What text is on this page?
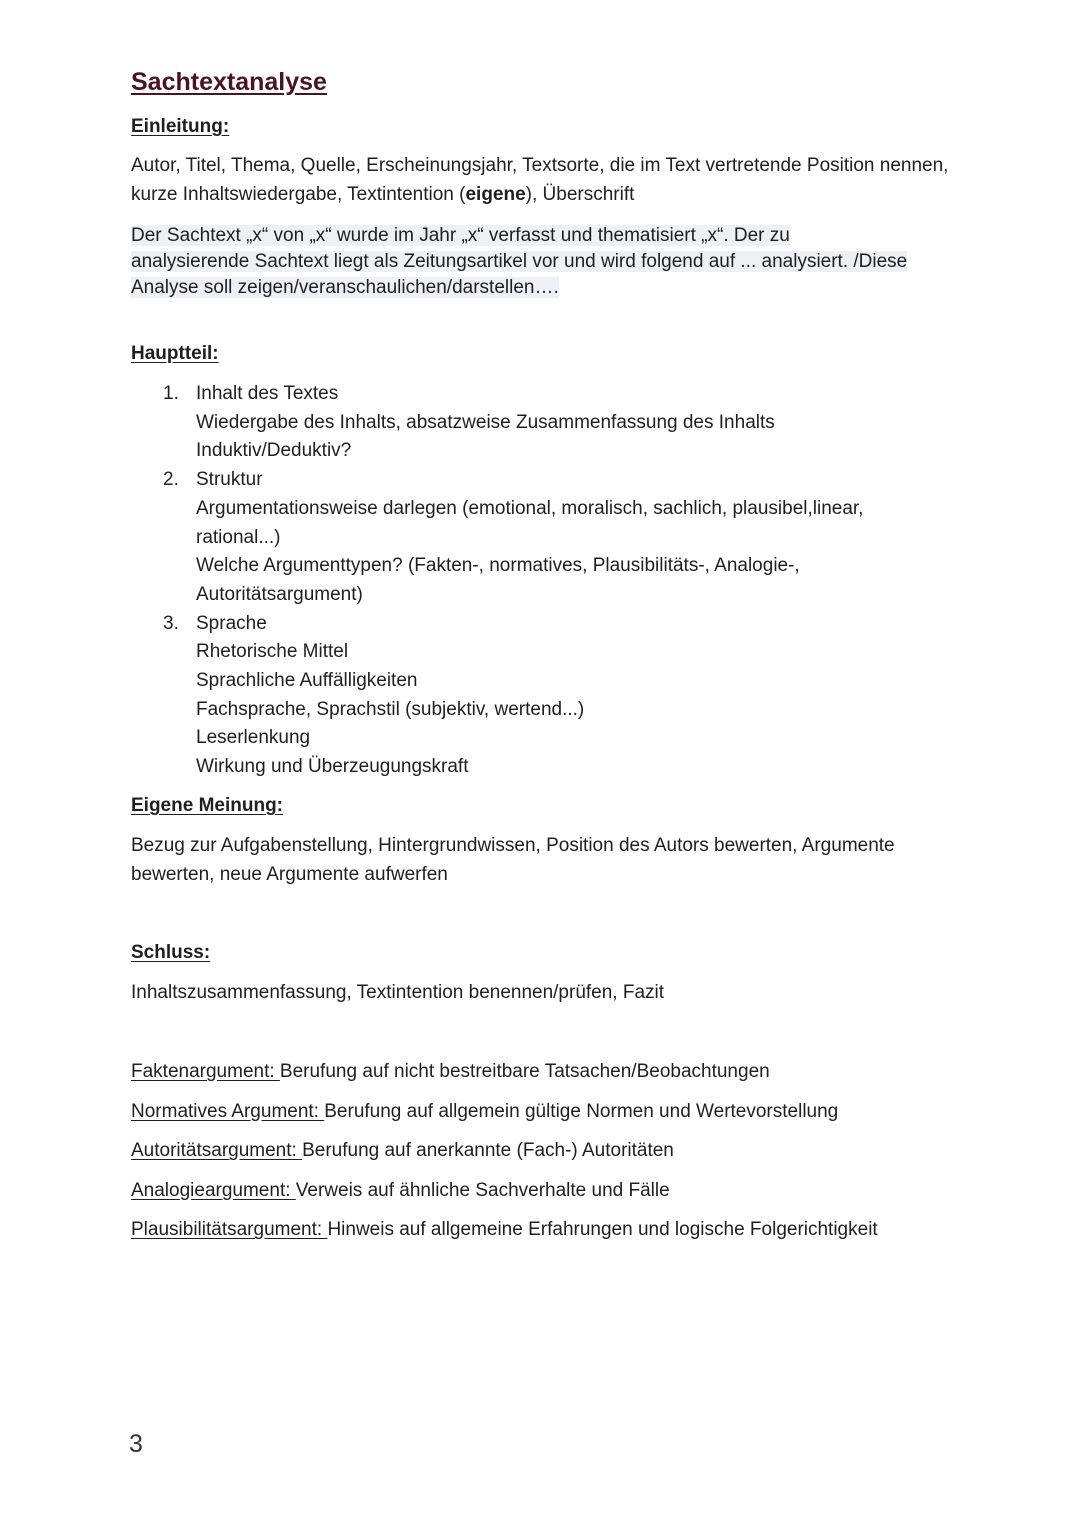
Sachtextanalyse
Einleitung:

Autor, Titel, Thema, Quelle, Erscheinungsjahr, Textsorte, die im Text vertretende Position nennen, kurze Inhaltswiedergabe, Textintention (eigene), Überschrift

Der Sachtext „x“ von „x“ wurde im Jahr „x“ verfasst und thematisiert „x“. Der zu
analysierende Sachtext liegt als Zeitungsartikel vor und wird folgend auf ... analysiert. /Diese
Analyse soll zeigen/veranschaulichen/darstellen….

Hauptteil:
1. Inhalt des Textes
Wiedergabe des Inhalts, absatzweise Zusammenfassung des Inhalts
Induktiv/Deduktiv?
2. Struktur
Argumentationsweise darlegen (emotional, moralisch, sachlich, plausibel,linear,
rational...)
Welche Argumenttypen? (Fakten-, normatives, Plausibilitäts-, Analogie-,
Autoritätsargument)
3. Sprache
Rhetorische Mittel
Sprachliche Auffälligkeiten
Fachsprache, Sprachstil (subjektiv, wertend...)
Leserlenkung
Wirkung und Überzeugungskraft
Eigene Meinung:

Bezug zur Aufgabenstellung, Hintergrundwissen, Position des Autors bewerten, Argumente bewerten, neue Argumente aufwerfen

Schluss:

Inhaltszusammenfassung, Textintention benennen/prüfen, Fazit

Faktenargument: Berufung auf nicht bestreitbare Tatsachen/Beobachtungen
Normatives Argument: Berufung auf allgemein gültige Normen und Wertevorstellung
Autoritätsargument: Berufung auf anerkannte (Fach-) Autoritäten
Analogieargument: Verweis auf ähnliche Sachverhalte und Fälle
Plausibilitätsargument: Hinweis auf allgemeine Erfahrungen und logische Folgerichtigkeit

3
